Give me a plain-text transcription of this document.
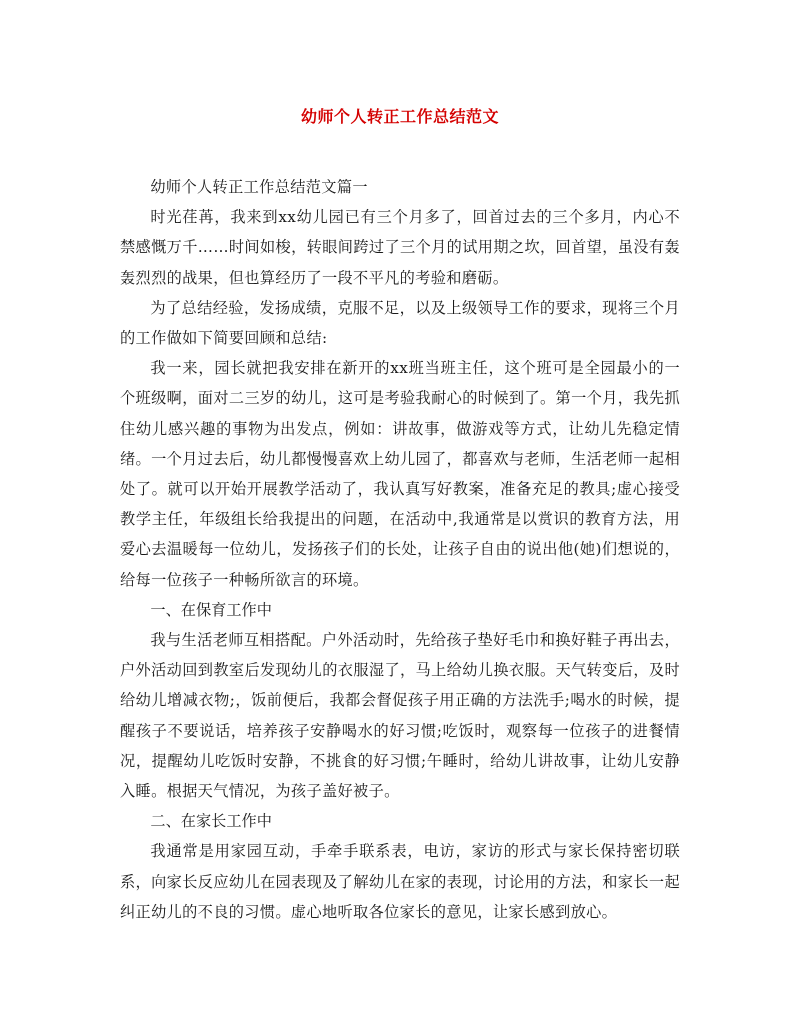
幼师个人转正工作总结范文

幼师个人转正工作总结范文篇一

时光荏苒，我来到xx幼儿园已有三个月多了，回首过去的三个多月，内心不禁感慨万千……时间如梭，转眼间跨过了三个月的试用期之坎，回首望，虽没有轰轰烈烈的战果，但也算经历了一段不平凡的考验和磨砺。

为了总结经验，发扬成绩，克服不足，以及上级领导工作的要求，现将三个月的工作做如下简要回顾和总结:

我一来，园长就把我安排在新开的xx班当班主任，这个班可是全园最小的一个班级啊，面对二三岁的幼儿，这可是考验我耐心的时候到了。第一个月，我先抓住幼儿感兴趣的事物为出发点，例如：讲故事，做游戏等方式，让幼儿先稳定情绪。一个月过去后，幼儿都慢慢喜欢上幼儿园了，都喜欢与老师，生活老师一起相处了。就可以开始开展教学活动了，我认真写好教案，准备充足的教具;虚心接受教学主任，年级组长给我提出的问题，在活动中,我通常是以赏识的教育方法，用爱心去温暖每一位幼儿，发扬孩子们的长处，让孩子自由的说出他(她)们想说的，给每一位孩子一种畅所欲言的环境。

一、在保育工作中

我与生活老师互相搭配。户外活动时，先给孩子垫好毛巾和换好鞋子再出去，户外活动回到教室后发现幼儿的衣服湿了，马上给幼儿换衣服。天气转变后，及时给幼儿增减衣物;，饭前便后，我都会督促孩子用正确的方法洗手;喝水的时候，提醒孩子不要说话，培养孩子安静喝水的好习惯;吃饭时，观察每一位孩子的进餐情况，提醒幼儿吃饭时安静，不挑食的好习惯;午睡时，给幼儿讲故事，让幼儿安静入睡。根据天气情况，为孩子盖好被子。

二、在家长工作中

我通常是用家园互动，手牵手联系表，电访，家访的形式与家长保持密切联系，向家长反应幼儿在园表现及了解幼儿在家的表现，讨论用的方法，和家长一起纠正幼儿的不良的习惯。虚心地听取各位家长的意见，让家长感到放心。
